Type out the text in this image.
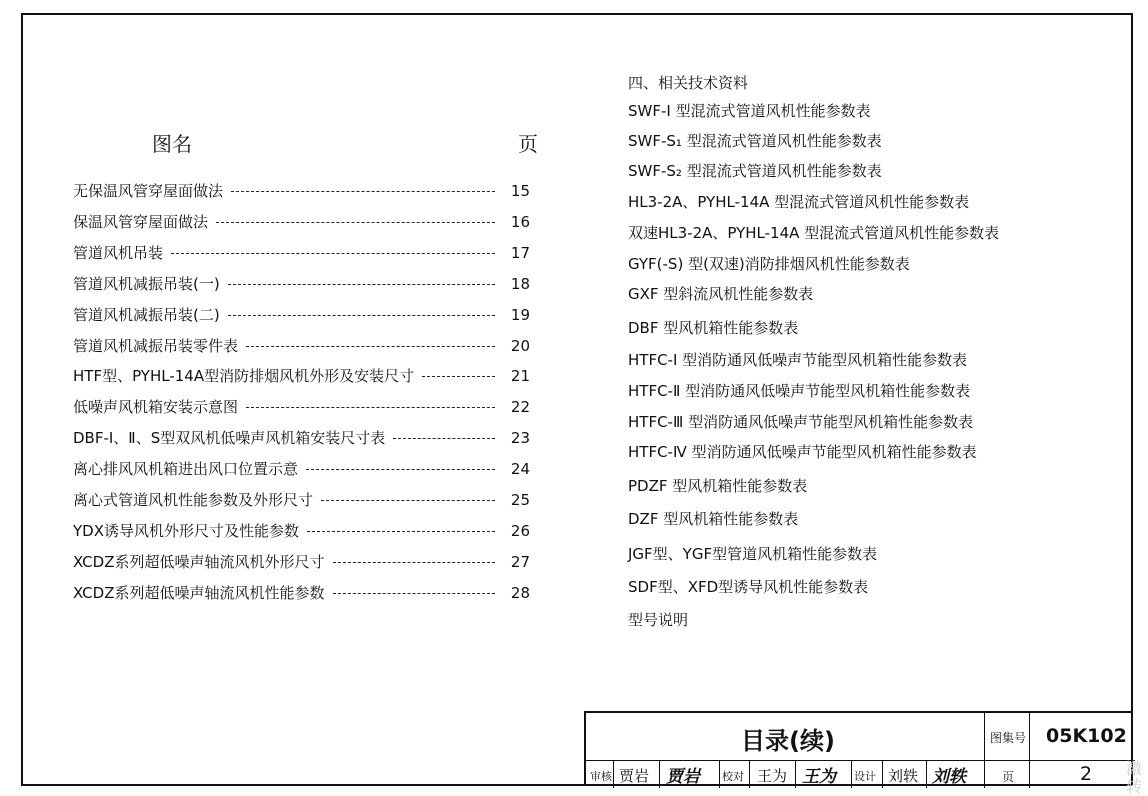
图名	页
无保温风管穿屋面做法	15
保温风管穿屋面做法	16
管道风机吊装	17
管道风机减振吊装(一)	18
管道风机减振吊装(二)	19
管道风机减振吊装零件表	20
HTF型、PYHL-14A型消防排烟风机外形及安装尺寸	21
低噪声风机箱安装示意图	22
DBF-Ⅰ、Ⅱ、S型双风机低噪声风机箱安装尺寸表	23
离心排风风机箱进出风口位置示意	24
离心式管道风机性能参数及外形尺寸	25
YDX诱导风机外形尺寸及性能参数	26
XCDZ系列超低噪声轴流风机外形尺寸	27
XCDZ系列超低噪声轴流风机性能参数	28
四、相关技术资料
SWF-Ⅰ 型混流式管道风机性能参数表
SWF-S₁ 型混流式管道风机性能参数表
SWF-S₂ 型混流式管道风机性能参数表
HL3-2A、PYHL-14A 型混流式管道风机性能参数表
双速HL3-2A、PYHL-14A 型混流式管道风机性能参数表
GYF(-S) 型(双速)消防排烟风机性能参数表
GXF 型斜流风机性能参数表
DBF 型风机箱性能参数表
HTFC-Ⅰ 型消防通风低噪声节能型风机箱性能参数表
HTFC-Ⅱ 型消防通风低噪声节能型风机箱性能参数表
HTFC-Ⅲ 型消防通风低噪声节能型风机箱性能参数表
HTFC-Ⅳ 型消防通风低噪声节能型风机箱性能参数表
PDZF 型风机箱性能参数表
DZF 型风机箱性能参数表
JGF型、YGF型管道风机箱性能参数表
SDF型、XFD型诱导风机性能参数表
型号说明
目录(续)	图集号 05K102
审核 贾岩 贾岩 校对 王为 王为 设计 刘轶 刘轶	页	2 激 转
